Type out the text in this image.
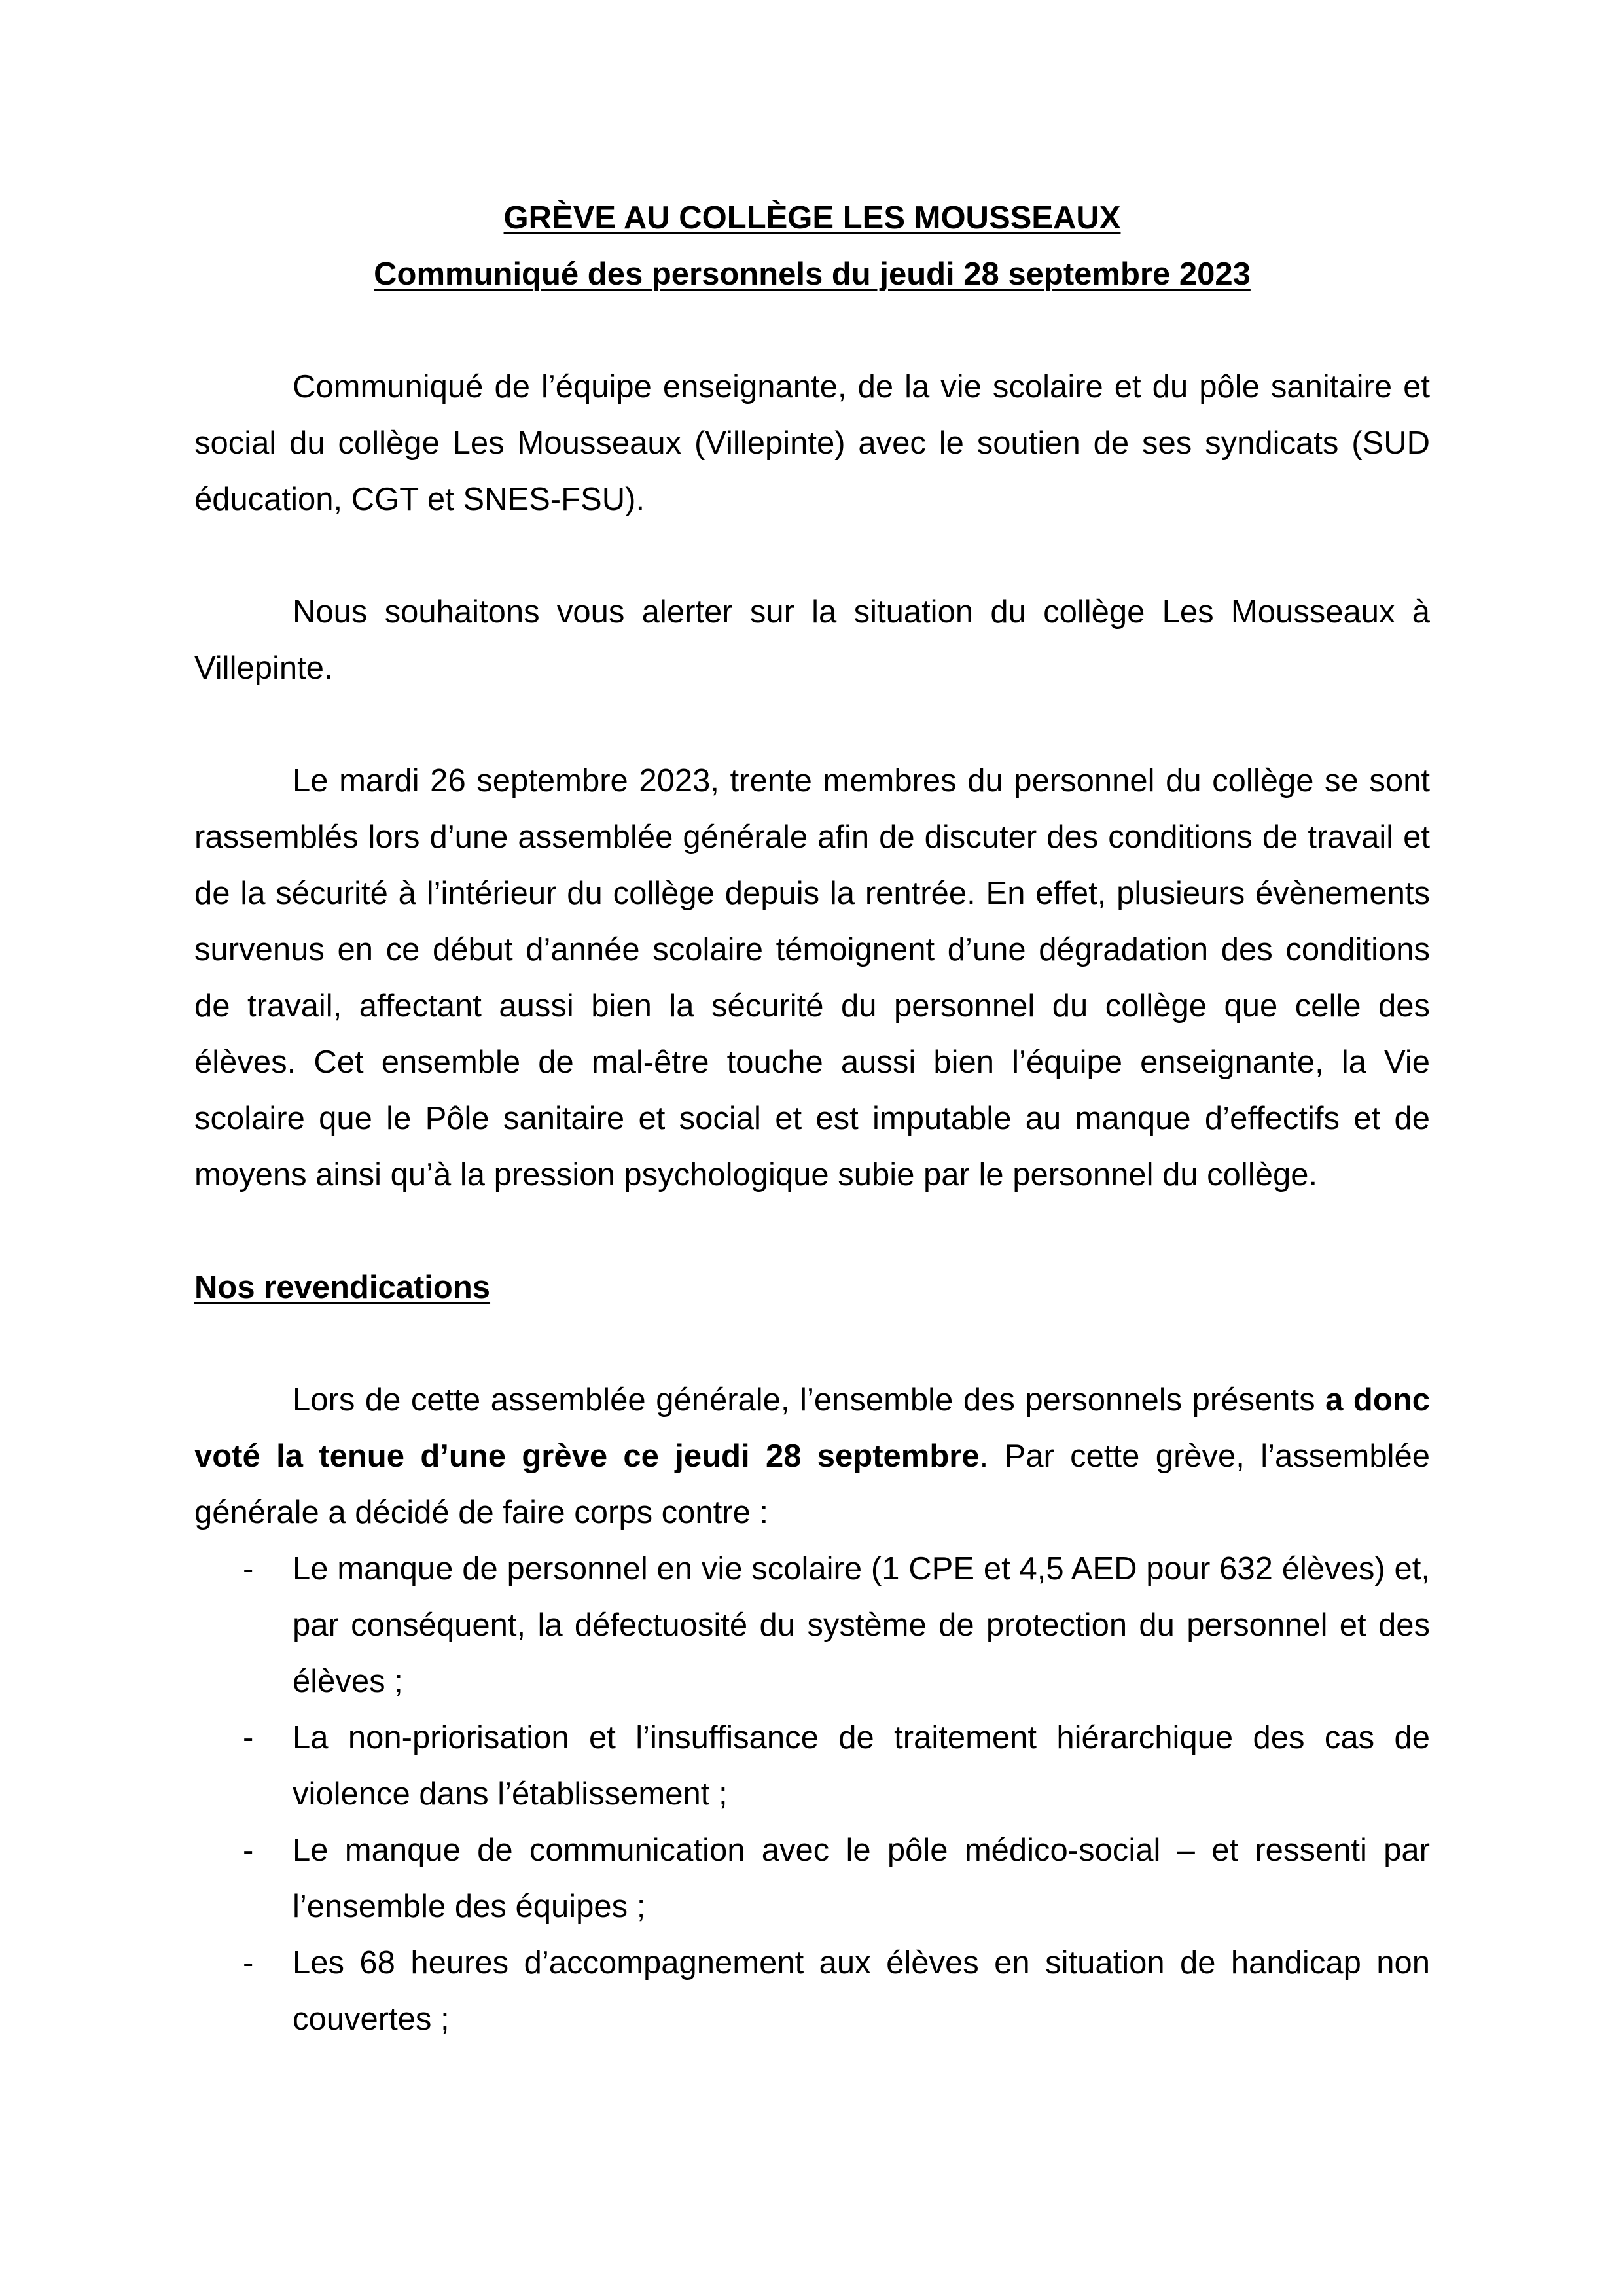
GRÈVE AU COLLÈGE LES MOUSSEAUX

Communiqué des personnels du jeudi 28 septembre 2023

Communiqué de l’équipe enseignante, de la vie scolaire et du pôle sanitaire et social du collège Les Mousseaux (Villepinte) avec le soutien de ses syndicats (SUD éducation, CGT et SNES-FSU).

Nous souhaitons vous alerter sur la situation du collège Les Mousseaux à Villepinte.

Le mardi 26 septembre 2023, trente membres du personnel du collège se sont rassemblés lors d’une assemblée générale afin de discuter des conditions de travail et de la sécurité à l’intérieur du collège depuis la rentrée. En effet, plusieurs évènements survenus en ce début d’année scolaire témoignent d’une dégradation des conditions de travail, affectant aussi bien la sécurité du personnel du collège que celle des élèves. Cet ensemble de mal-être touche aussi bien l’équipe enseignante, la Vie scolaire que le Pôle sanitaire et social et est imputable au manque d’effectifs et de moyens ainsi qu’à la pression psychologique subie par le personnel du collège.

Nos revendications

Lors de cette assemblée générale, l’ensemble des personnels présents a donc voté la tenue d’une grève ce jeudi 28 septembre. Par cette grève, l’assemblée générale a décidé de faire corps contre :

- Le manque de personnel en vie scolaire (1 CPE et 4,5 AED pour 632 élèves) et, par conséquent, la défectuosité du système de protection du personnel et des élèves ;
- La non-priorisation et l’insuffisance de traitement hiérarchique des cas de violence dans l’établissement ;
- Le manque de communication avec le pôle médico-social – et ressenti par l’ensemble des équipes ;
- Les 68 heures d’accompagnement aux élèves en situation de handicap non couvertes ;
